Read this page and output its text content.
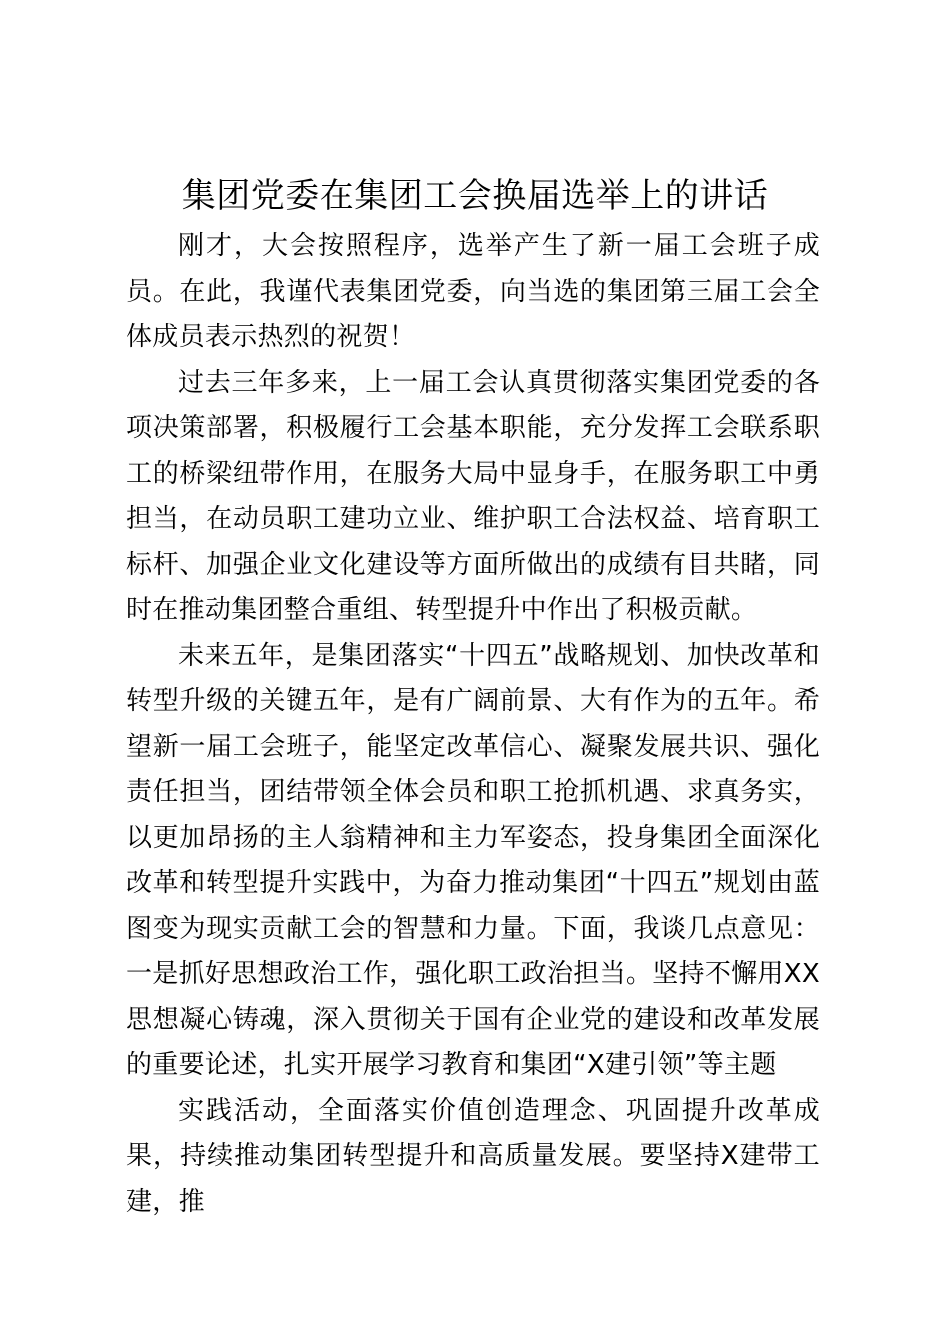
集团党委在集团工会换届选举上的讲话

刚才，大会按照程序，选举产生了新一届工会班子成员。在此，我谨代表集团党委，向当选的集团第三届工会全体成员表示热烈的祝贺！

过去三年多来，上一届工会认真贯彻落实集团党委的各项决策部署，积极履行工会基本职能，充分发挥工会联系职工的桥梁纽带作用，在服务大局中显身手，在服务职工中勇担当，在动员职工建功立业、维护职工合法权益、培育职工标杆、加强企业文化建设等方面所做出的成绩有目共睹，同时在推动集团整合重组、转型提升中作出了积极贡献。

未来五年，是集团落实“十四五”战略规划、加快改革和转型升级的关键五年，是有广阔前景、大有作为的五年。希望新一届工会班子，能坚定改革信心、凝聚发展共识、强化责任担当，团结带领全体会员和职工抢抓机遇、求真务实，以更加昂扬的主人翁精神和主力军姿态，投身集团全面深化改革和转型提升实践中，为奋力推动集团“十四五”规划由蓝图变为现实贡献工会的智慧和力量。下面，我谈几点意见：一是抓好思想政治工作，强化职工政治担当。坚持不懈用XX思想凝心铸魂，深入贯彻关于国有企业党的建设和改革发展的重要论述，扎实开展学习教育和集团“X建引领”等主题

实践活动，全面落实价值创造理念、巩固提升改革成果，持续推动集团转型提升和高质量发展。要坚持X建带工建，推
